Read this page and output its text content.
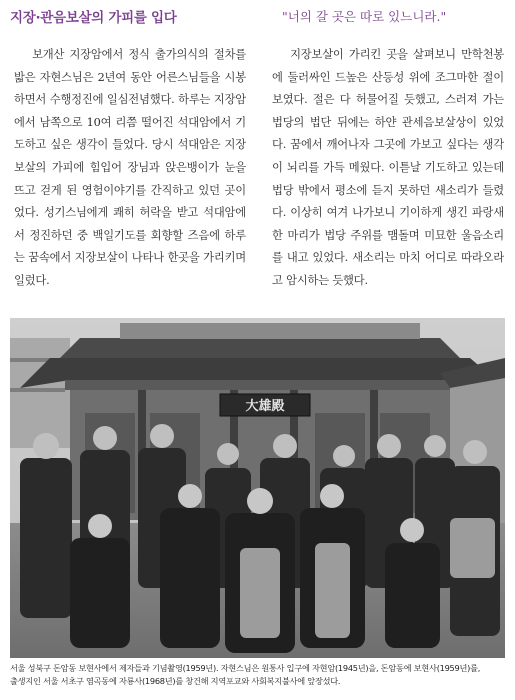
지장·관음보살의 가피를 입다	"너의 갈 곳은 따로 있느니라."

보개산 지장암에서 정식 출가의식의 절차를 밟은 자현스님은 2년여 동안 어른스님들을 시봉하면서 수행정진에 일심전념했다. 하루는 지장암에서 남쪽으로 10여 리쯤 떨어진 석대암에서 기도하고 싶은 생각이 들었다. 당시 석대암은 지장보살의 가피에 힘입어 장님과 앉은뱅이가 눈을 뜨고 걷게 된 영험이야기를 간직하고 있던 곳이었다. 성기스님에게 쾌히 허락을 받고 석대암에서 정진하던 중 백일기도를 회향할 즈음에 하루는 꿈속에서 지장보살이 나타나 한곳을 가리키며 일렀다.

지장보살이 가리킨 곳을 살펴보니 만학천봉에 둘러싸인 드높은 산등성 위에 조그마한 절이 보였다. 절은 다 허물어질 듯했고, 스러져 가는 법당의 법단 뒤에는 하얀 관세음보살상이 있었다. 꿈에서 깨어나자 그곳에 가보고 싶다는 생각이 뇌리를 가득 메웠다. 이튿날 기도하고 있는데 법당 밖에서 평소에 듣지 못하던 새소리가 들렸다. 이상히 여겨 나가보니 기이하게 생긴 파랑새 한 마리가 법당 주위를 맴돌며 미묘한 울음소리를 내고 있었다. 새소리는 마치 어디로 따라오라고 암시하는 듯했다.

大雄殿
서울 성북구 돈암동 보현사에서 제자들과 기념촬영(1959년). 자현스님은 원통사 입구에 자현암(1945년)을, 돈암동에 보현사(1959년)를,
출생지인 서울 서초구 염곡동에 자룡사(1968년)를 창건해 지역포교와 사회복지불사에 앞장섰다.
